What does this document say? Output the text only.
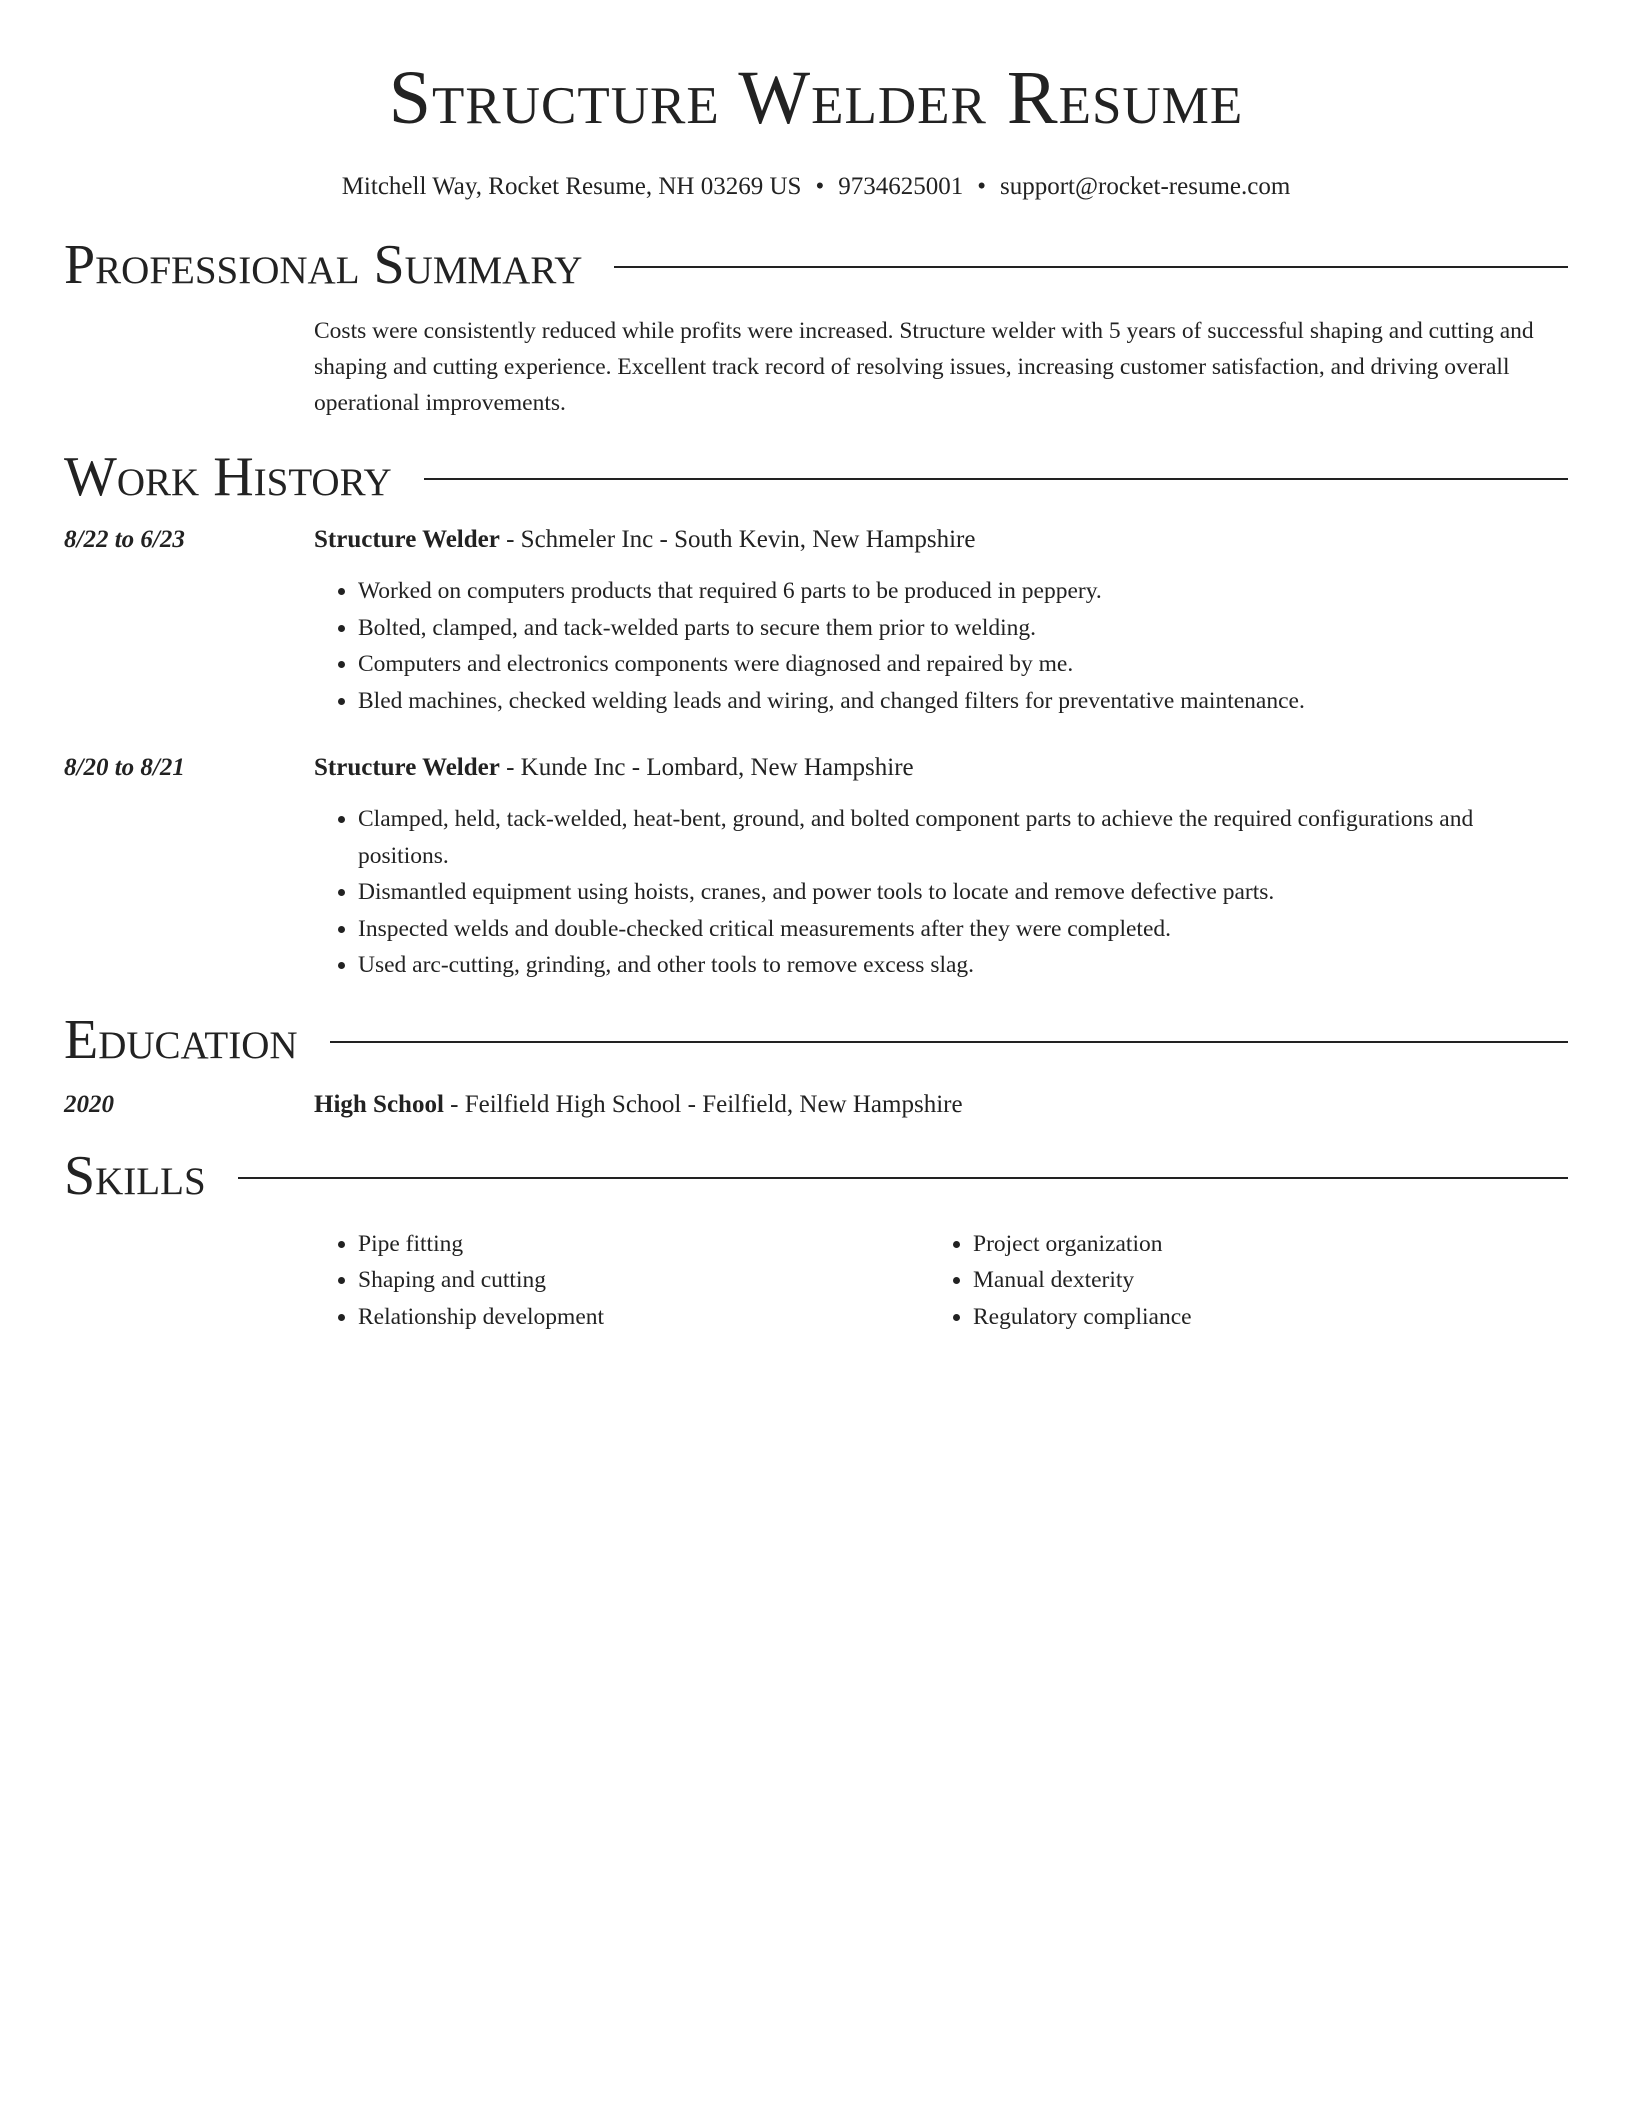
Structure Welder Resume
Mitchell Way, Rocket Resume, NH 03269 US • 9734625001 • support@rocket-resume.com
Professional Summary
Costs were consistently reduced while profits were increased. Structure welder with 5 years of successful shaping and cutting and shaping and cutting experience. Excellent track record of resolving issues, increasing customer satisfaction, and driving overall operational improvements.
Work History
8/22 to 6/23	Structure Welder - Schmeler Inc - South Kevin, New Hampshire
• Worked on computers products that required 6 parts to be produced in peppery.
• Bolted, clamped, and tack-welded parts to secure them prior to welding.
• Computers and electronics components were diagnosed and repaired by me.
• Bled machines, checked welding leads and wiring, and changed filters for preventative maintenance.
8/20 to 8/21	Structure Welder - Kunde Inc - Lombard, New Hampshire
• Clamped, held, tack-welded, heat-bent, ground, and bolted component parts to achieve the required configurations and positions.
• Dismantled equipment using hoists, cranes, and power tools to locate and remove defective parts.
• Inspected welds and double-checked critical measurements after they were completed.
• Used arc-cutting, grinding, and other tools to remove excess slag.
Education
2020	High School - Feilfield High School - Feilfield, New Hampshire
Skills
• Pipe fitting
• Shaping and cutting
• Relationship development
• Project organization
• Manual dexterity
• Regulatory compliance
